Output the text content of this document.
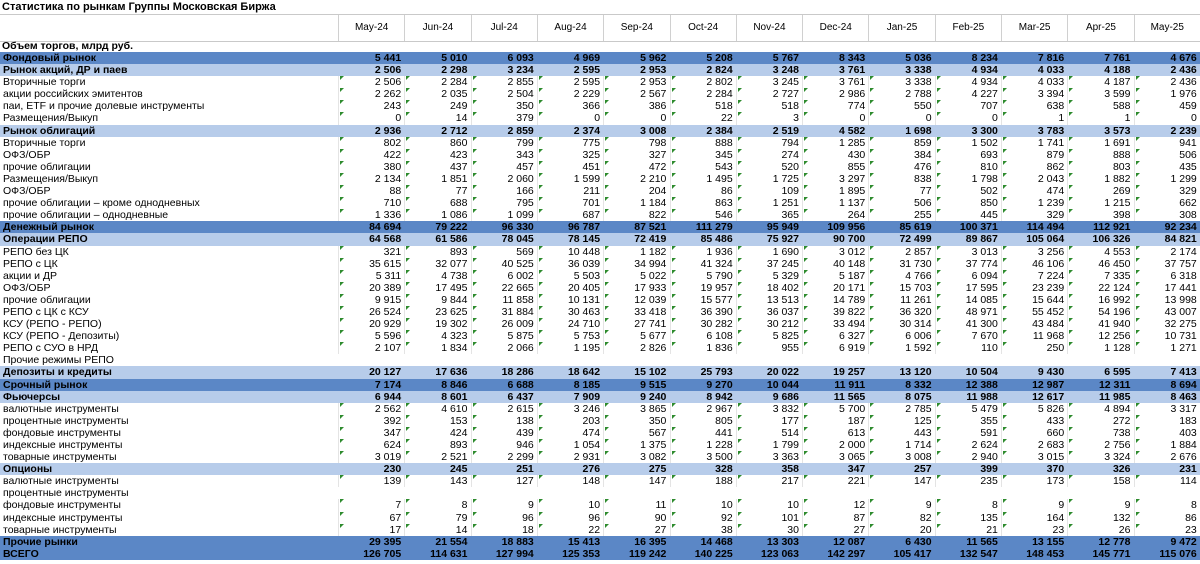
Статистика по рынкам Группы Московская Биржа
May-24	Jun-24	Jul-24	Aug-24	Sep-24	Oct-24	Nov-24	Dec-24	Jan-25	Feb-25	Mar-25	Apr-25	May-25
Объем торгов, млрд руб.
Фондовый рынок	5 441	5 010	6 093	4 969	5 962	5 208	5 767	8 343	5 036	8 234	7 816	7 761	4 676
Рынок акций, ДР и паев	2 506	2 298	3 234	2 595	2 953	2 824	3 248	3 761	3 338	4 934	4 033	4 188	2 436
Вторичные торги	2 506	2 284	2 855	2 595	2 953	2 802	3 245	3 761	3 338	4 934	4 033	4 187	2 436
акции российских эмитентов	2 262	2 035	2 504	2 229	2 567	2 284	2 727	2 986	2 788	4 227	3 394	3 599	1 976
паи, ETF и прочие долевые инструменты	243	249	350	366	386	518	518	774	550	707	638	588	459
Размещения/Выкуп	0	14	379	0	0	22	3	0	0	0	1	1	0
Рынок облигаций	2 936	2 712	2 859	2 374	3 008	2 384	2 519	4 582	1 698	3 300	3 783	3 573	2 239
Вторичные торги	802	860	799	775	798	888	794	1 285	859	1 502	1 741	1 691	941
ОФЗ/ОБР	422	423	343	325	327	345	274	430	384	693	879	888	506
прочие облигации	380	437	457	451	472	543	520	855	476	810	862	803	435
Размещения/Выкуп	2 134	1 851	2 060	1 599	2 210	1 495	1 725	3 297	838	1 798	2 043	1 882	1 299
ОФЗ/ОБР	88	77	166	211	204	86	109	1 895	77	502	474	269	329
прочие облигации – кроме однодневных	710	688	795	701	1 184	863	1 251	1 137	506	850	1 239	1 215	662
прочие облигации – однодневные	1 336	1 086	1 099	687	822	546	365	264	255	445	329	398	308
Денежный рынок	84 694	79 222	96 330	96 787	87 521	111 279	95 949	109 956	85 619	100 371	114 494	112 921	92 234
Операции РЕПО	64 568	61 586	78 045	78 145	72 419	85 486	75 927	90 700	72 499	89 867	105 064	106 326	84 821
РЕПО без ЦК	321	893	569	10 448	1 182	1 936	1 690	3 012	2 857	3 013	3 256	4 553	2 174
РЕПО с ЦК	35 615	32 077	40 525	36 039	34 994	41 324	37 245	40 148	31 730	37 774	46 106	46 450	37 757
акции и ДР	5 311	4 738	6 002	5 503	5 022	5 790	5 329	5 187	4 766	6 094	7 224	7 335	6 318
ОФЗ/ОБР	20 389	17 495	22 665	20 405	17 933	19 957	18 402	20 171	15 703	17 595	23 239	22 124	17 441
прочие облигации	9 915	9 844	11 858	10 131	12 039	15 577	13 513	14 789	11 261	14 085	15 644	16 992	13 998
РЕПО с ЦК с КСУ	26 524	23 625	31 884	30 463	33 418	36 390	36 037	39 822	36 320	48 971	55 452	54 196	43 007
КСУ (РЕПО - РЕПО)	20 929	19 302	26 009	24 710	27 741	30 282	30 212	33 494	30 314	41 300	43 484	41 940	32 275
КСУ (РЕПО - Депозиты)	5 596	4 323	5 875	5 753	5 677	6 108	5 825	6 327	6 006	7 670	11 968	12 256	10 731
РЕПО с СУО в НРД	2 107	1 834	2 066	1 195	2 826	1 836	955	6 919	1 592	110	250	1 128	1 271
Прочие режимы РЕПО
Депозиты и кредиты	20 127	17 636	18 286	18 642	15 102	25 793	20 022	19 257	13 120	10 504	9 430	6 595	7 413
Срочный рынок	7 174	8 846	6 688	8 185	9 515	9 270	10 044	11 911	8 332	12 388	12 987	12 311	8 694
Фьючерсы	6 944	8 601	6 437	7 909	9 240	8 942	9 686	11 565	8 075	11 988	12 617	11 985	8 463
валютные инструменты	2 562	4 610	2 615	3 246	3 865	2 967	3 832	5 700	2 785	5 479	5 826	4 894	3 317
процентные инструменты	392	153	138	203	350	805	177	187	125	355	433	272	183
фондовые инструменты	347	424	439	474	567	441	514	613	443	591	660	738	403
индексные инструменты	624	893	946	1 054	1 375	1 228	1 799	2 000	1 714	2 624	2 683	2 756	1 884
товарные инструменты	3 019	2 521	2 299	2 931	3 082	3 500	3 363	3 065	3 008	2 940	3 015	3 324	2 676
Опционы	230	245	251	276	275	328	358	347	257	399	370	326	231
валютные инструменты	139	143	127	148	147	188	217	221	147	235	173	158	114
процентные инструменты
фондовые инструменты	7	8	9	10	11	10	10	12	9	8	9	9	8
индексные инструменты	67	79	96	96	90	92	101	87	82	135	164	132	86
товарные инструменты	17	14	18	22	27	38	30	27	20	21	23	26	23
Прочие рынки	29 395	21 554	18 883	15 413	16 395	14 468	13 303	12 087	6 430	11 565	13 155	12 778	9 472
ВСЕГО	126 705	114 631	127 994	125 353	119 242	140 225	123 063	142 297	105 417	132 547	148 453	145 771	115 076
